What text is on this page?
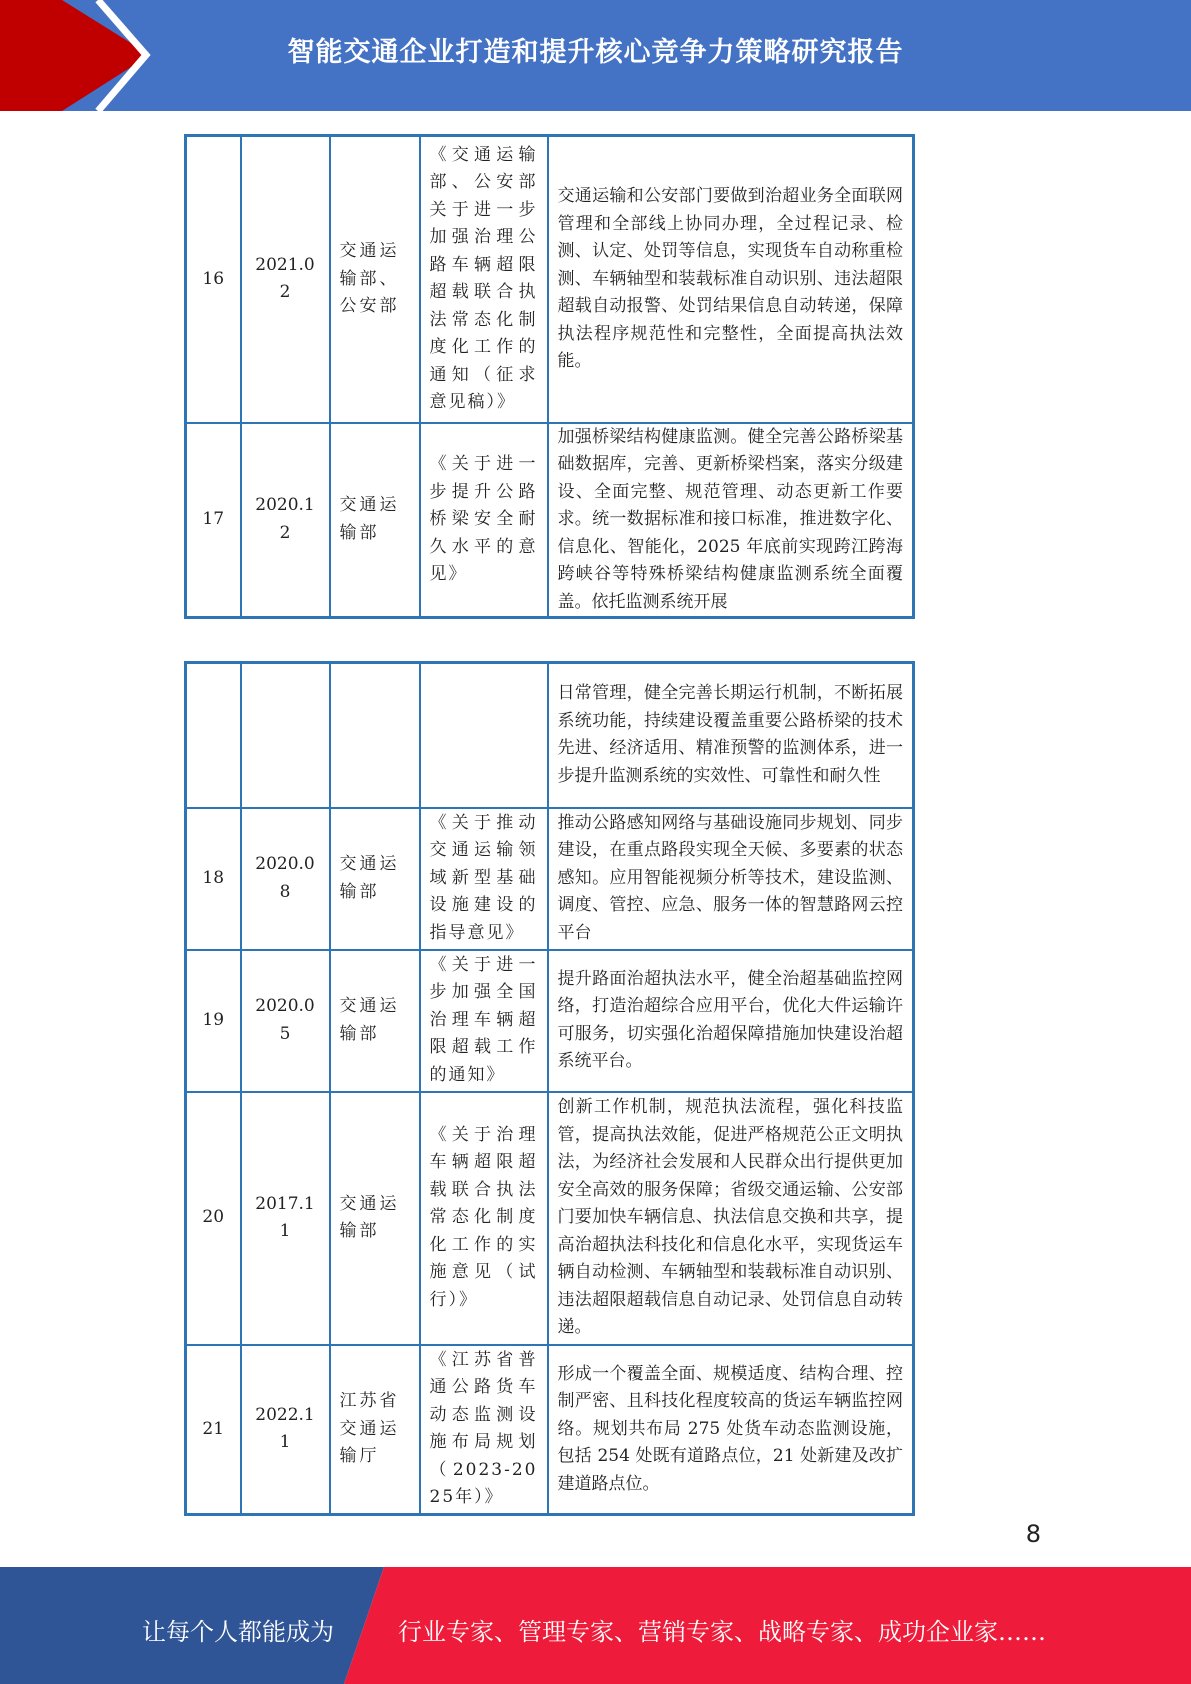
智能交通企业打造和提升核心竞争力策略研究报告
16	2021.02	交通运输部、公安部	《交通运输部、公安部关于进一步加强治理公路车辆超限超载联合执法常态化制度化工作的通知（征求意见稿）》	交通运输和公安部门要做到治超业务全面联网管理和全部线上协同办理，全过程记录、检测、认定、处罚等信息，实现货车自动称重检测、车辆轴型和装载标准自动识别、违法超限超载自动报警、处罚结果信息自动转递，保障执法程序规范性和完整性，全面提高执法效能。
17	2020.12	交通运输部	《关于进一步提升公路桥梁安全耐久水平的意见》	加强桥梁结构健康监测。健全完善公路桥梁基础数据库，完善、更新桥梁档案，落实分级建设、全面完整、规范管理、动态更新工作要求。统一数据标准和接口标准，推进数字化、信息化、智能化，2025 年底前实现跨江跨海跨峡谷等特殊桥梁结构健康监测系统全面覆盖。依托监测系统开展
				日常管理，健全完善长期运行机制，不断拓展系统功能，持续建设覆盖重要公路桥梁的技术先进、经济适用、精准预警的监测体系，进一步提升监测系统的实效性、可靠性和耐久性
18	2020.08	交通运输部	《关于推动交通运输领域新型基础设施建设的指导意见》	推动公路感知网络与基础设施同步规划、同步建设，在重点路段实现全天候、多要素的状态感知。应用智能视频分析等技术，建设监测、调度、管控、应急、服务一体的智慧路网云控平台
19	2020.05	交通运输部	《关于进一步加强全国治理车辆超限超载工作的通知》	提升路面治超执法水平，健全治超基础监控网络，打造治超综合应用平台，优化大件运输许可服务，切实强化治超保障措施加快建设治超系统平台。
20	2017.11	交通运输部	《关于治理车辆超限超载联合执法常态化制度化工作的实施意见（试行）》	创新工作机制，规范执法流程，强化科技监管，提高执法效能，促进严格规范公正文明执法，为经济社会发展和人民群众出行提供更加安全高效的服务保障；省级交通运输、公安部门要加快车辆信息、执法信息交换和共享，提高治超执法科技化和信息化水平，实现货运车辆自动检测、车辆轴型和装载标准自动识别、违法超限超载信息自动记录、处罚信息自动转递。
21	2022.11	江苏省交通运输厅	《江苏省普通公路货车动态监测设施布局规划（2023-2025年）》	形成一个覆盖全面、规模适度、结构合理、控制严密、且科技化程度较高的货运车辆监控网络。规划共布局 275 处货车动态监测设施，包括 254 处既有道路点位，21 处新建及改扩建道路点位。
8
让每个人都能成为	行业专家、管理专家、营销专家、战略专家、成功企业家……
